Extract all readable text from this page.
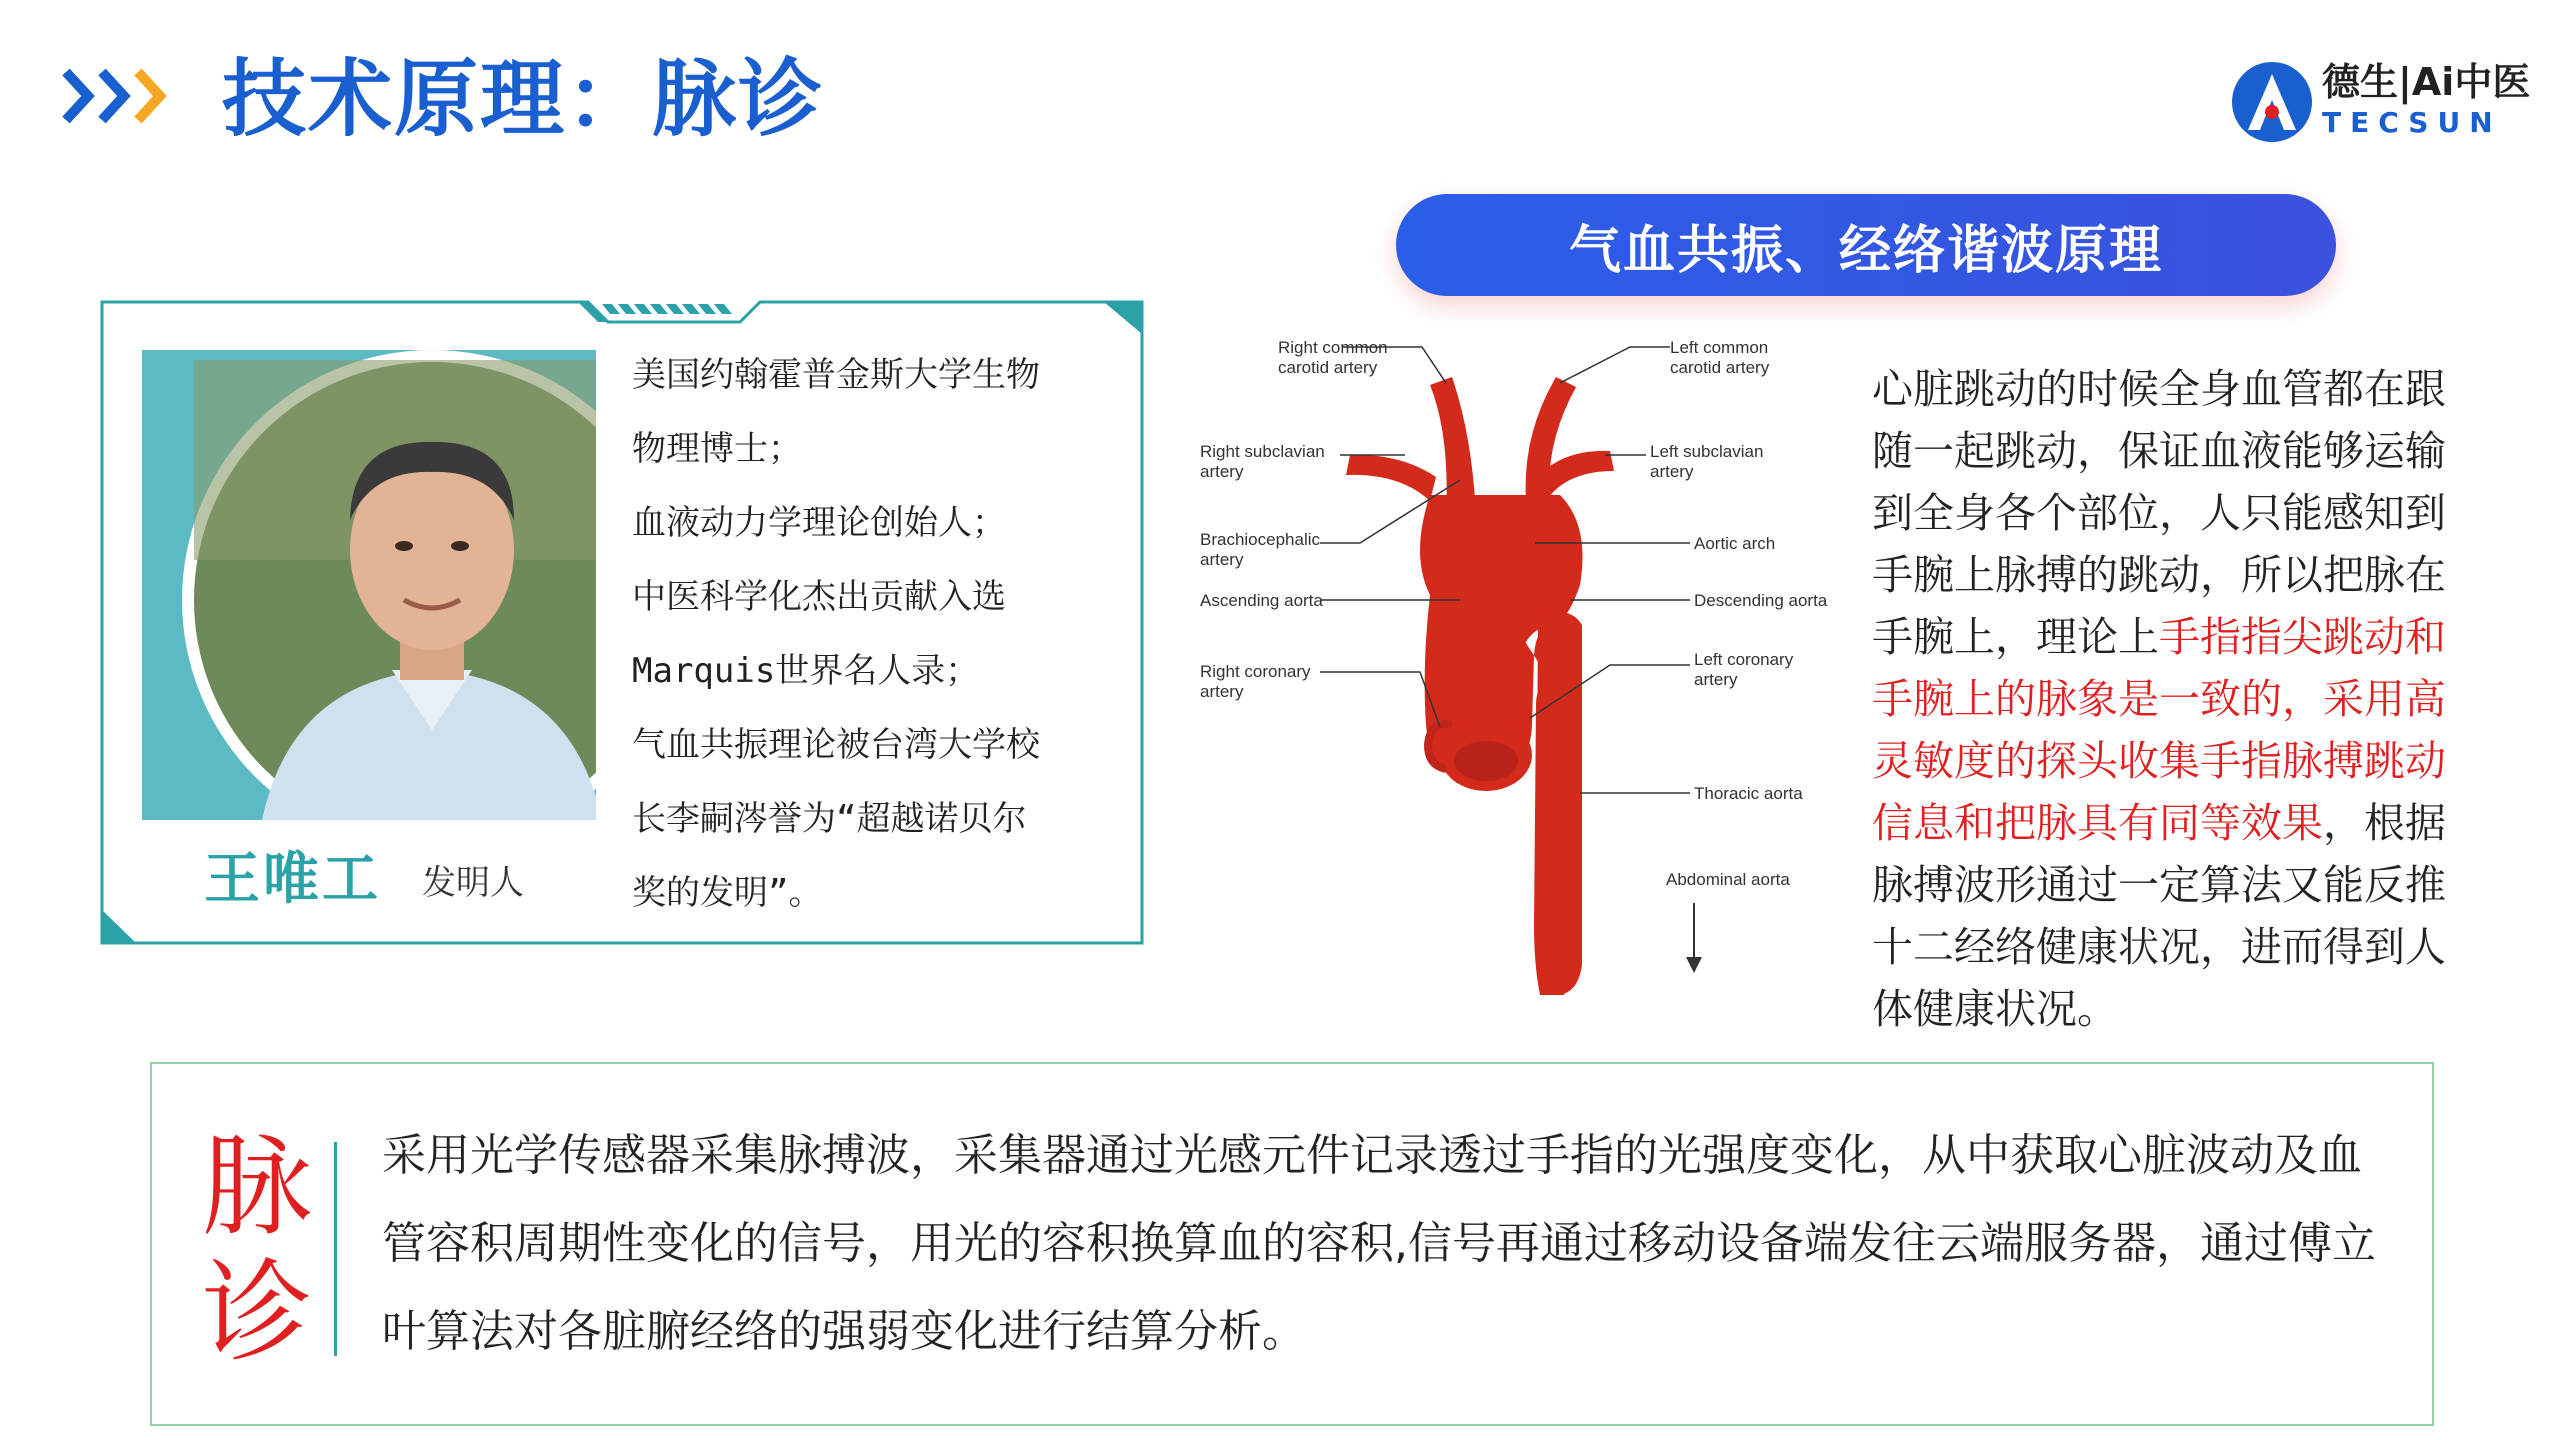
技术原理：脉诊	德生|Ai中医
TECSUN
气血共振、经络谐波原理
美国约翰霍普金斯大学生物
物理博士；
血液动力学理论创始人；
中医科学化杰出贡献入选
Marquis世界名人录；
气血共振理论被台湾大学校
长李嗣涔誉为“超越诺贝尔
奖的发明”。
王唯工 发明人
Right common
carotid artery
Left common
carotid artery
Right subclavian
artery
Left subclavian
artery
Brachiocephalic
artery
Aortic arch
Ascending aorta	Descending aorta
Right coronary
artery
Left coronary
artery
Thoracic aorta
Abdominal aorta
心脏跳动的时候全身血管都在跟随一起跳动，保证血液能够运输到全身各个部位，人只能感知到手腕上脉搏的跳动，所以把脉在手腕上，理论上手指指尖跳动和手腕上的脉象是一致的，采用高灵敏度的探头收集手指脉搏跳动信息和把脉具有同等效果，根据脉搏波形通过一定算法又能反推十二经络健康状况，进而得到人体健康状况。
脉
诊
采用光学传感器采集脉搏波，采集器通过光感元件记录透过手指的光强度变化，从中获取心脏波动及血管容积周期性变化的信号，用光的容积换算血的容积,信号再通过移动设备端发往云端服务器，通过傅立叶算法对各脏腑经络的强弱变化进行结算分析。
